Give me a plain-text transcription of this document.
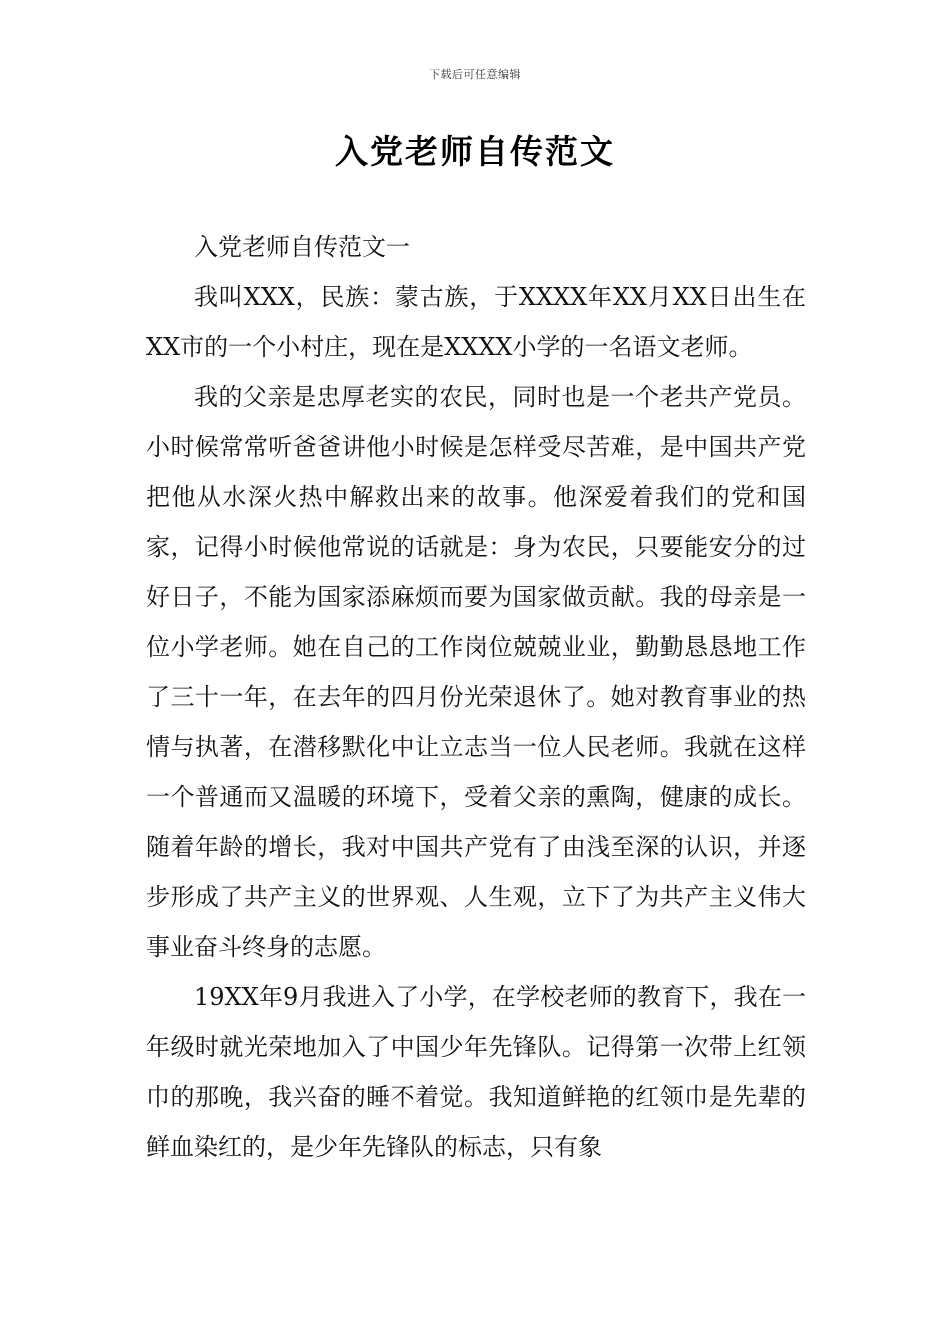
下载后可任意编辑
入党老师自传范文
入党老师自传范文一

我叫XXX，民族：蒙古族，于XXXX年XX月XX日出生在XX市的一个小村庄，现在是XXXX小学的一名语文老师。

我的父亲是忠厚老实的农民，同时也是一个老共产党员。小时候常常听爸爸讲他小时候是怎样受尽苦难，是中国共产党把他从水深火热中解救出来的故事。他深爱着我们的党和国家，记得小时候他常说的话就是：身为农民，只要能安分的过好日子，不能为国家添麻烦而要为国家做贡献。我的母亲是一位小学老师。她在自己的工作岗位兢兢业业，勤勤恳恳地工作了三十一年，在去年的四月份光荣退休了。她对教育事业的热情与执著，在潜移默化中让立志当一位人民老师。我就在这样一个普通而又温暖的环境下，受着父亲的熏陶，健康的成长。随着年龄的增长，我对中国共产党有了由浅至深的认识，并逐步形成了共产主义的世界观、人生观，立下了为共产主义伟大事业奋斗终身的志愿。

19XX年9月我进入了小学，在学校老师的教育下，我在一年级时就光荣地加入了中国少年先锋队。记得第一次带上红领巾的那晚，我兴奋的睡不着觉。我知道鲜艳的红领巾是先辈的鲜血染红的，是少年先锋队的标志，只有象
